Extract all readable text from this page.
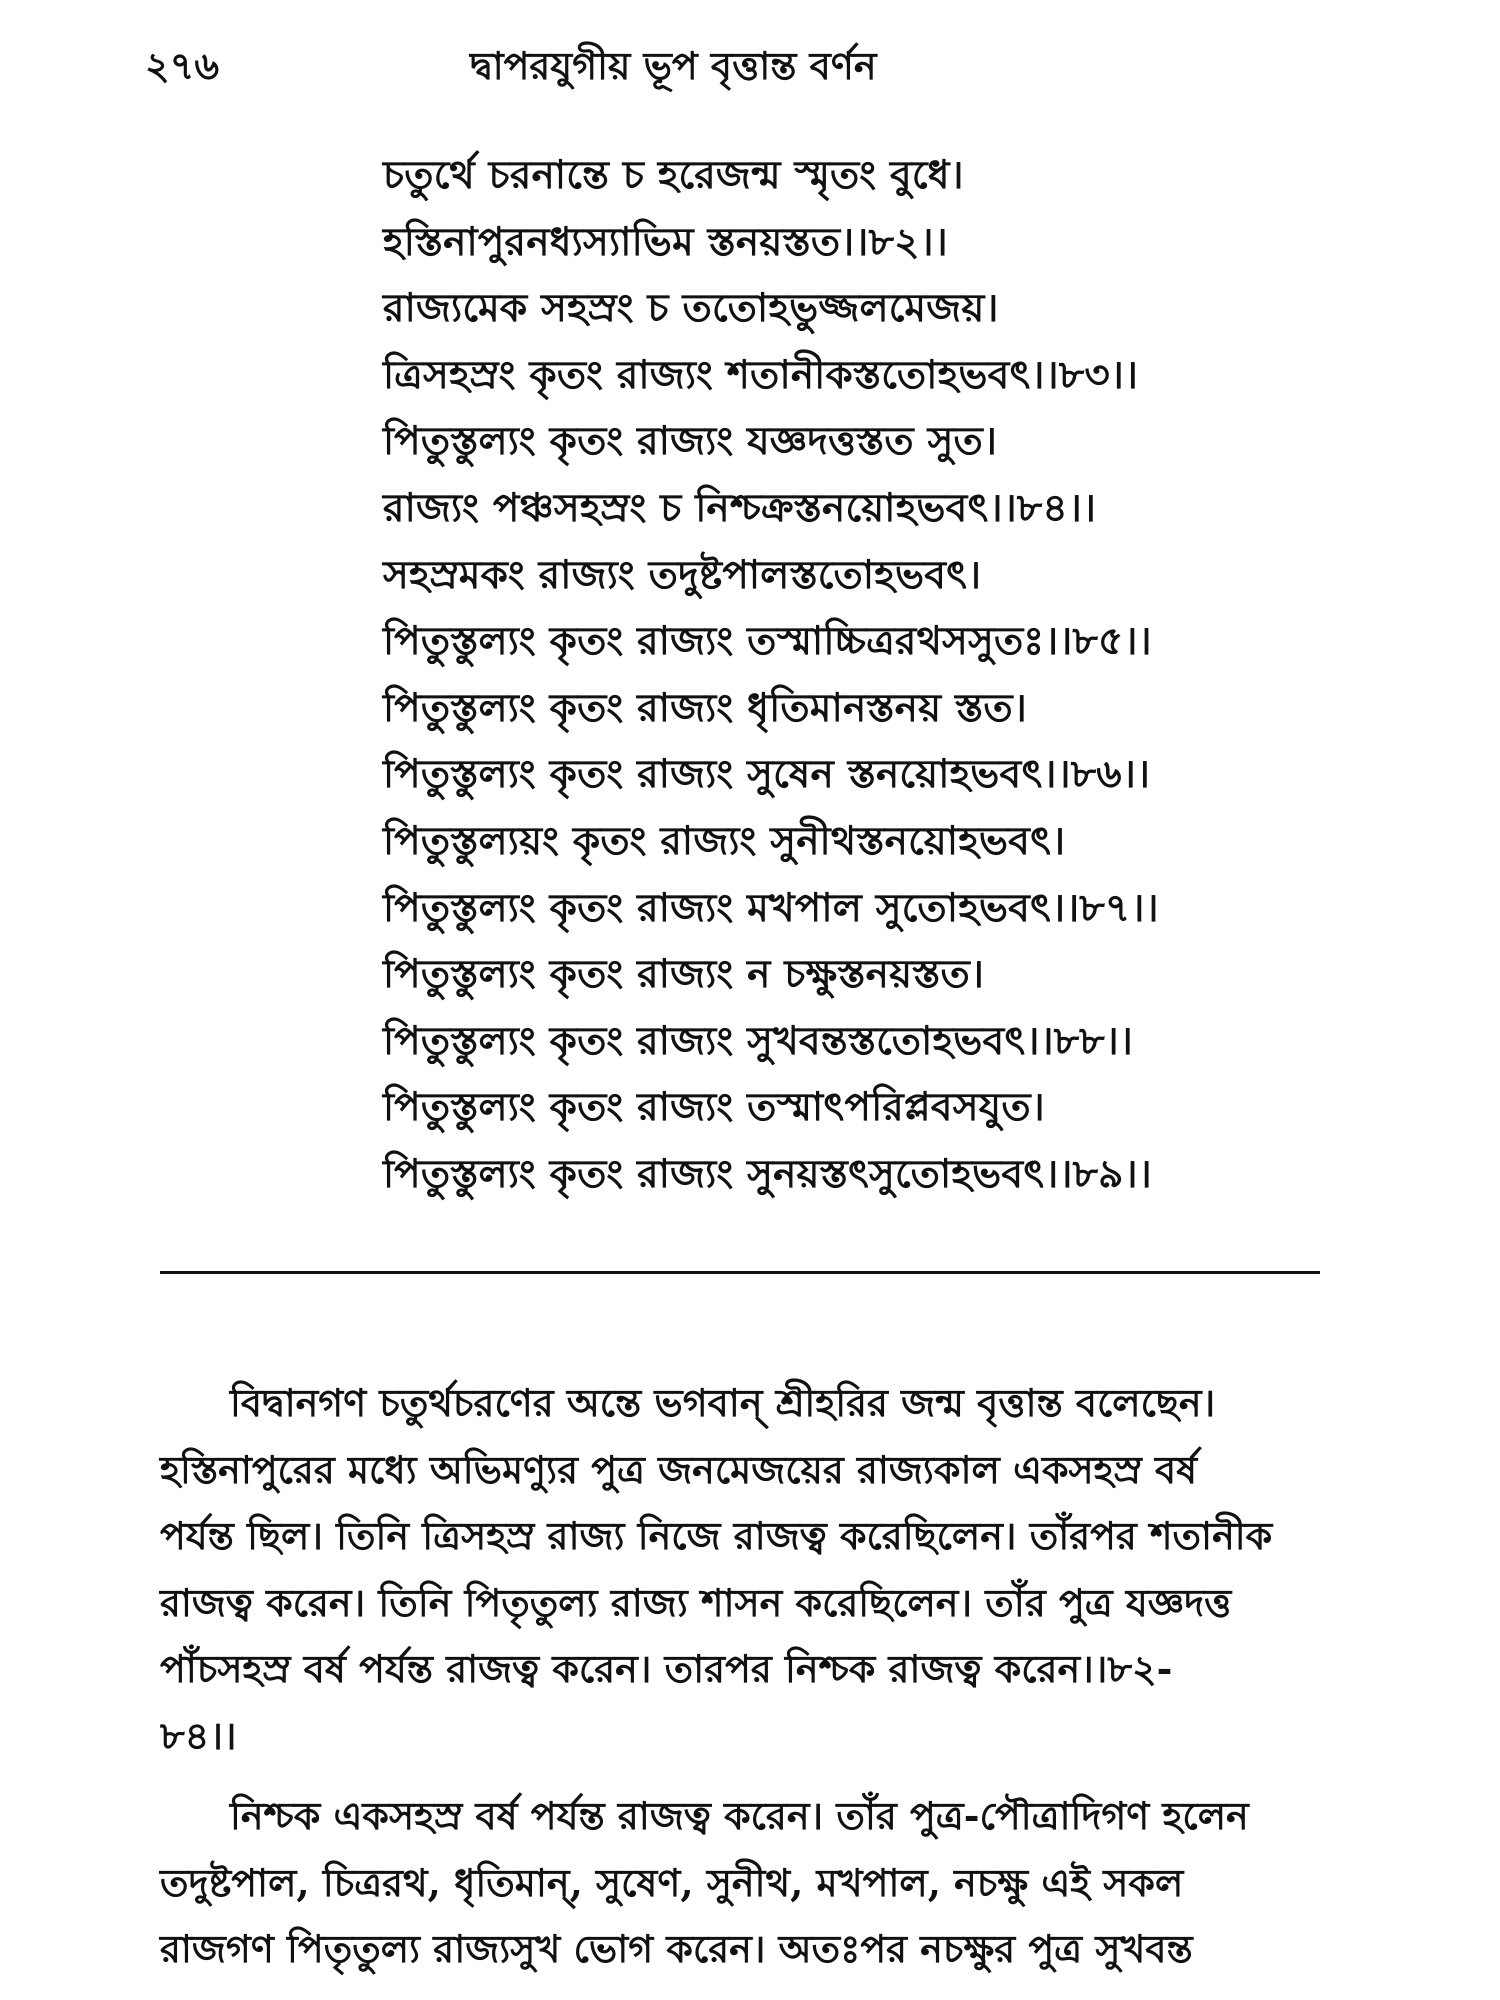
২৭৬	দ্বাপরযুগীয় ভূপ বৃত্তান্ত বর্ণন
চতুর্থে চরনান্তে চ হরেজন্ম স্মৃতং বুধে।
হস্তিনাপুরনধ্যস্যাভিম স্তনয়স্তত।।৮২।।
রাজ্যমেক সহস্রং চ ততোহভুজ্জলমেজয়।
ত্রিসহস্রং কৃতং রাজ্যং শতানীকস্ততোহভবৎ।।৮৩।।
পিতুস্তুল্যং কৃতং রাজ্যং যজ্ঞদত্তস্তত সুত।
রাজ্যং পঞ্চসহস্রং চ নিশ্চক্রস্তনয়োহভবৎ।।৮৪।।
সহস্রমকং রাজ্যং তদুষ্টপালস্ততোহভবৎ।
পিতুস্তুল্যং কৃতং রাজ্যং তস্মাচ্চিত্ররথসসুতঃ।।৮৫।।
পিতুস্তুল্যং কৃতং রাজ্যং ধৃতিমানস্তনয় স্তত।
পিতুস্তুল্যং কৃতং রাজ্যং সুষেন স্তনয়োহভবৎ।।৮৬।।
পিতুস্তুল্যয়ং কৃতং রাজ্যং সুনীথস্তনয়োহভবৎ।
পিতুস্তুল্যং কৃতং রাজ্যং মখপাল সুতোহভবৎ।।৮৭।।
পিতুস্তুল্যং কৃতং রাজ্যং ন চক্ষুস্তনয়স্তত।
পিতুস্তুল্যং কৃতং রাজ্যং সুখবন্তস্ততোহভবৎ।।৮৮।।
পিতুস্তুল্যং কৃতং রাজ্যং তস্মাৎপরিপ্লবসযুত।
পিতুস্তুল্যং কৃতং রাজ্যং সুনয়স্তৎসুতোহভবৎ।।৮৯।।
বিদ্বানগণ চতুর্থচরণের অন্তে ভগবান্ শ্রীহরির জন্ম বৃত্তান্ত বলেছেন।
হস্তিনাপুরের মধ্যে অভিমণ্যুর পুত্র জনমেজয়ের রাজ্যকাল একসহস্র বর্ষ
পর্যন্ত ছিল। তিনি ত্রিসহস্র রাজ্য নিজে রাজত্ব করেছিলেন। তাঁরপর শতানীক
রাজত্ব করেন। তিনি পিতৃতুল্য রাজ্য শাসন করেছিলেন। তাঁর পুত্র যজ্ঞদত্ত
পাঁচসহস্র বর্ষ পর্যন্ত রাজত্ব করেন। তারপর নিশ্চক রাজত্ব করেন।।৮২-
৮৪।।
নিশ্চক একসহস্র বর্ষ পর্যন্ত রাজত্ব করেন। তাঁর পুত্র-পৌত্রাদিগণ হলেন
তদুষ্টপাল, চিত্ররথ, ধৃতিমান্, সুষেণ, সুনীথ, মখপাল, নচক্ষু এই সকল
রাজগণ পিতৃতুল্য রাজ্যসুখ ভোগ করেন। অতঃপর নচক্ষুর পুত্র সুখবন্ত
